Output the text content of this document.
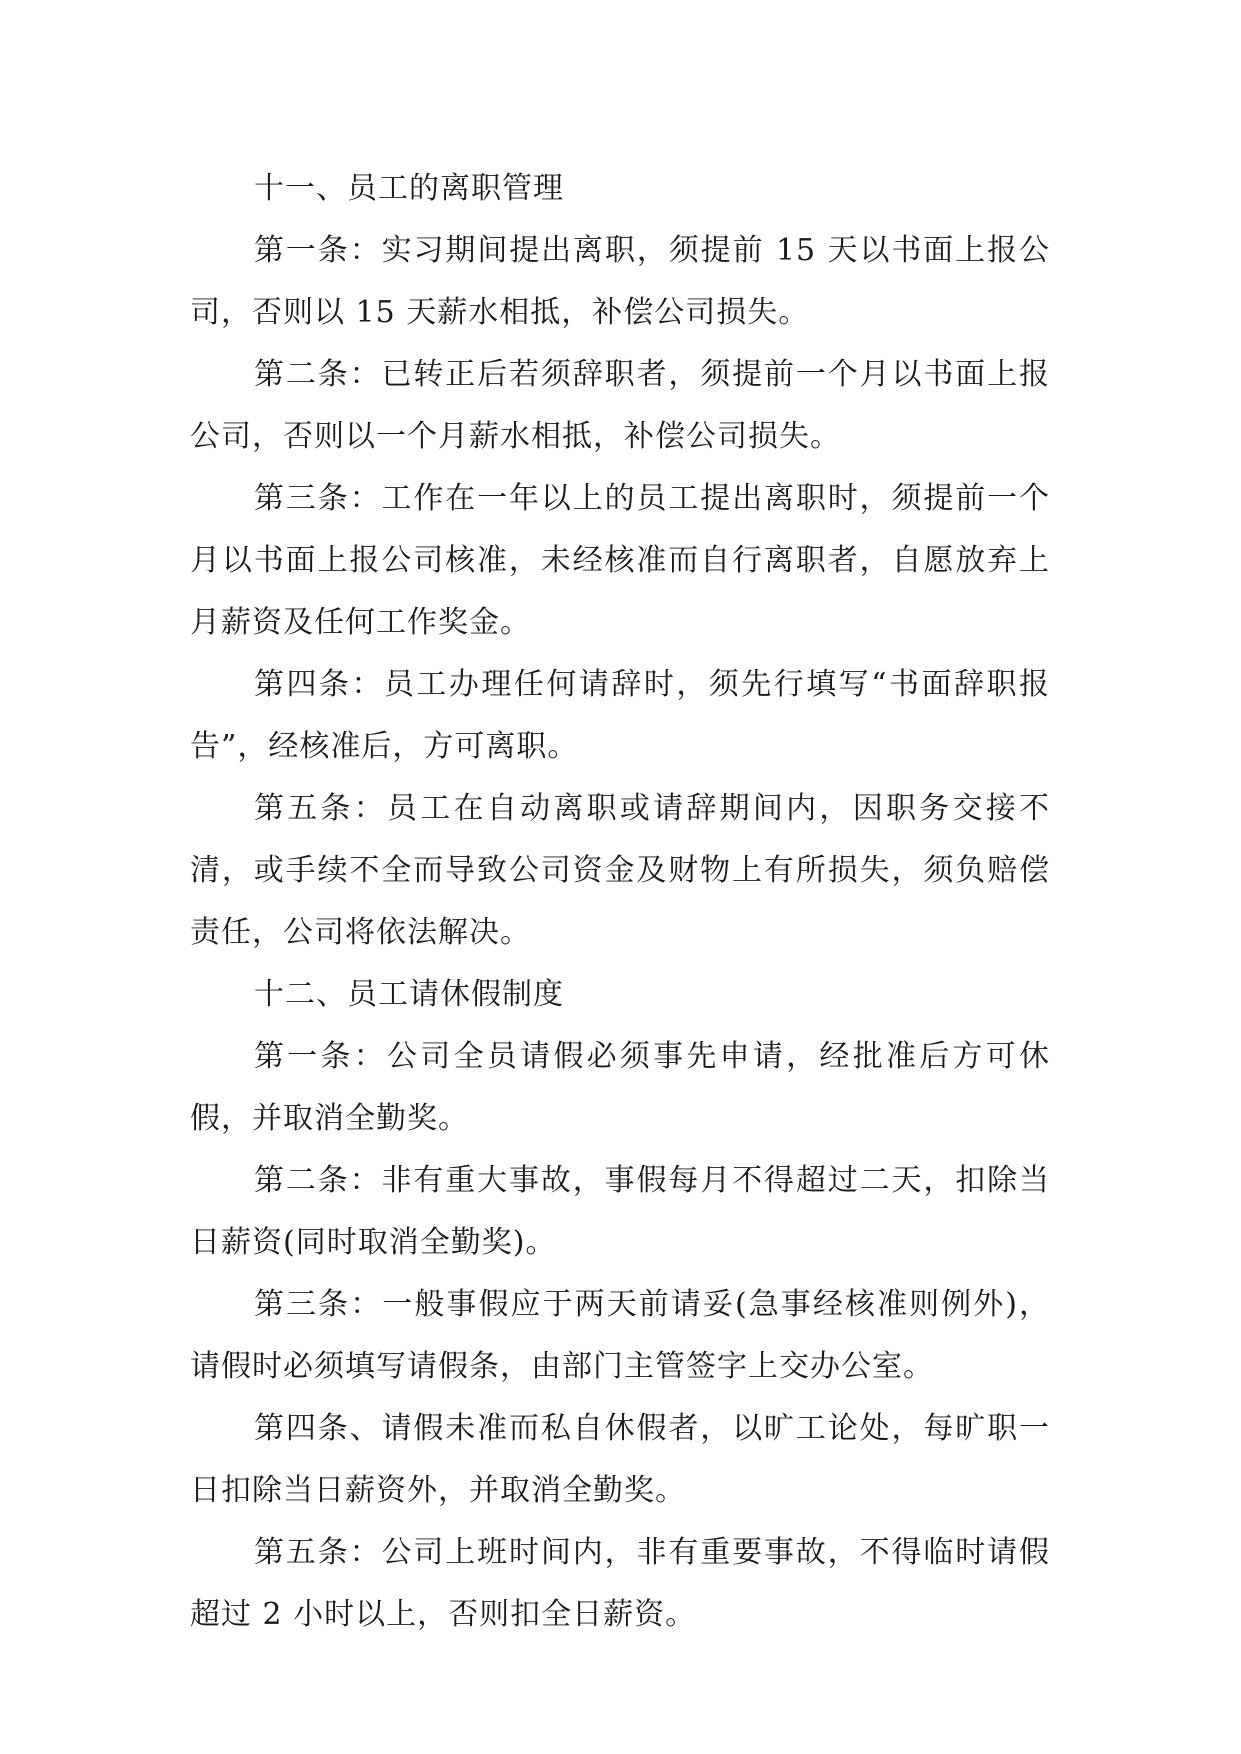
十一、员工的离职管理

第一条：实习期间提出离职，须提前 15 天以书面上报公司，否则以 15 天薪水相抵，补偿公司损失。

第二条：已转正后若须辞职者，须提前一个月以书面上报公司，否则以一个月薪水相抵，补偿公司损失。

第三条：工作在一年以上的员工提出离职时，须提前一个月以书面上报公司核准，未经核准而自行离职者，自愿放弃上月薪资及任何工作奖金。

第四条：员工办理任何请辞时，须先行填写“书面辞职报告”，经核准后，方可离职。

第五条：员工在自动离职或请辞期间内，因职务交接不清，或手续不全而导致公司资金及财物上有所损失，须负赔偿责任，公司将依法解决。

十二、员工请休假制度

第一条：公司全员请假必须事先申请，经批准后方可休假，并取消全勤奖。

第二条：非有重大事故，事假每月不得超过二天，扣除当日薪资(同时取消全勤奖)。

第三条：一般事假应于两天前请妥(急事经核准则例外)，请假时必须填写请假条，由部门主管签字上交办公室。

第四条、请假未准而私自休假者，以旷工论处，每旷职一日扣除当日薪资外，并取消全勤奖。

第五条：公司上班时间内，非有重要事故，不得临时请假超过 2 小时以上，否则扣全日薪资。
